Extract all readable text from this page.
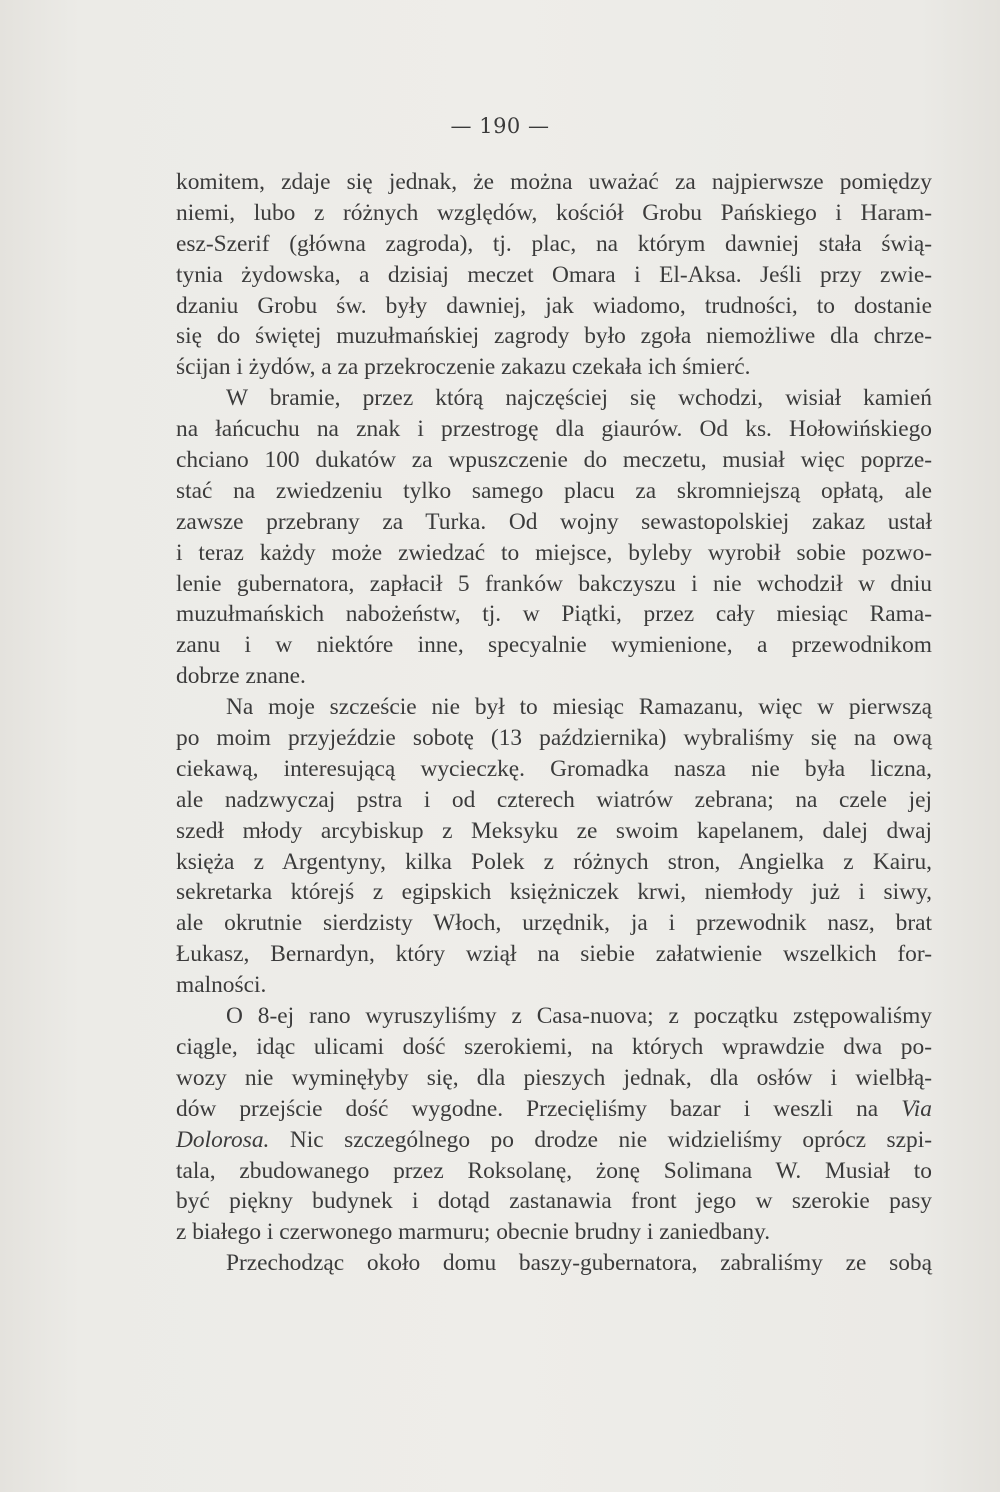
— 190 —
komitem, zdaje się jednak, że można uważać za najpierwsze pomiędzy
niemi, lubo z różnych względów, kościół Grobu Pańskiego i Haram-
esz-Szerif (główna zagroda), tj. plac, na którym dawniej stała świą-
tynia żydowska, a dzisiaj meczet Omara i El-Aksa. Jeśli przy zwie-
dzaniu Grobu św. były dawniej, jak wiadomo, trudności, to dostanie
się do świętej muzułmańskiej zagrody było zgoła niemożliwe dla chrze-
ścijan i żydów, a za przekroczenie zakazu czekała ich śmierć.
W bramie, przez którą najczęściej się wchodzi, wisiał kamień
na łańcuchu na znak i przestrogę dla giaurów. Od ks. Hołowińskiego
chciano 100 dukatów za wpuszczenie do meczetu, musiał więc poprze-
stać na zwiedzeniu tylko samego placu za skromniejszą opłatą, ale
zawsze przebrany za Turka. Od wojny sewastopolskiej zakaz ustał
i teraz każdy może zwiedzać to miejsce, byleby wyrobił sobie pozwo-
lenie gubernatora, zapłacił 5 franków bakczyszu i nie wchodził w dniu
muzułmańskich nabożeństw, tj. w Piątki, przez cały miesiąc Rama-
zanu i w niektóre inne, specyalnie wymienione, a przewodnikom
dobrze znane.
Na moje szczeście nie był to miesiąc Ramazanu, więc w pierwszą
po moim przyjeździe sobotę (13 października) wybraliśmy się na ową
ciekawą, interesującą wycieczkę. Gromadka nasza nie była liczna,
ale nadzwyczaj pstra i od czterech wiatrów zebrana; na czele jej
szedł młody arcybiskup z Meksyku ze swoim kapelanem, dalej dwaj
księża z Argentyny, kilka Polek z różnych stron, Angielka z Kairu,
sekretarka którejś z egipskich księżniczek krwi, niemłody już i siwy,
ale okrutnie sierdzisty Włoch, urzędnik, ja i przewodnik nasz, brat
Łukasz, Bernardyn, który wziął na siebie załatwienie wszelkich for-
malności.
O 8-ej rano wyruszyliśmy z Casa-nuova; z początku zstępowaliśmy
ciągle, idąc ulicami dość szerokiemi, na których wprawdzie dwa po-
wozy nie wyminęłyby się, dla pieszych jednak, dla osłów i wielbłą-
dów przejście dość wygodne. Przecięliśmy bazar i weszli na Via
Dolorosa. Nic szczególnego po drodze nie widzieliśmy oprócz szpi-
tala, zbudowanego przez Roksolanę, żonę Solimana W. Musiał to
być piękny budynek i dotąd zastanawia front jego w szerokie pasy
z białego i czerwonego marmuru; obecnie brudny i zaniedbany.
Przechodząc około domu baszy-gubernatora, zabraliśmy ze sobą
